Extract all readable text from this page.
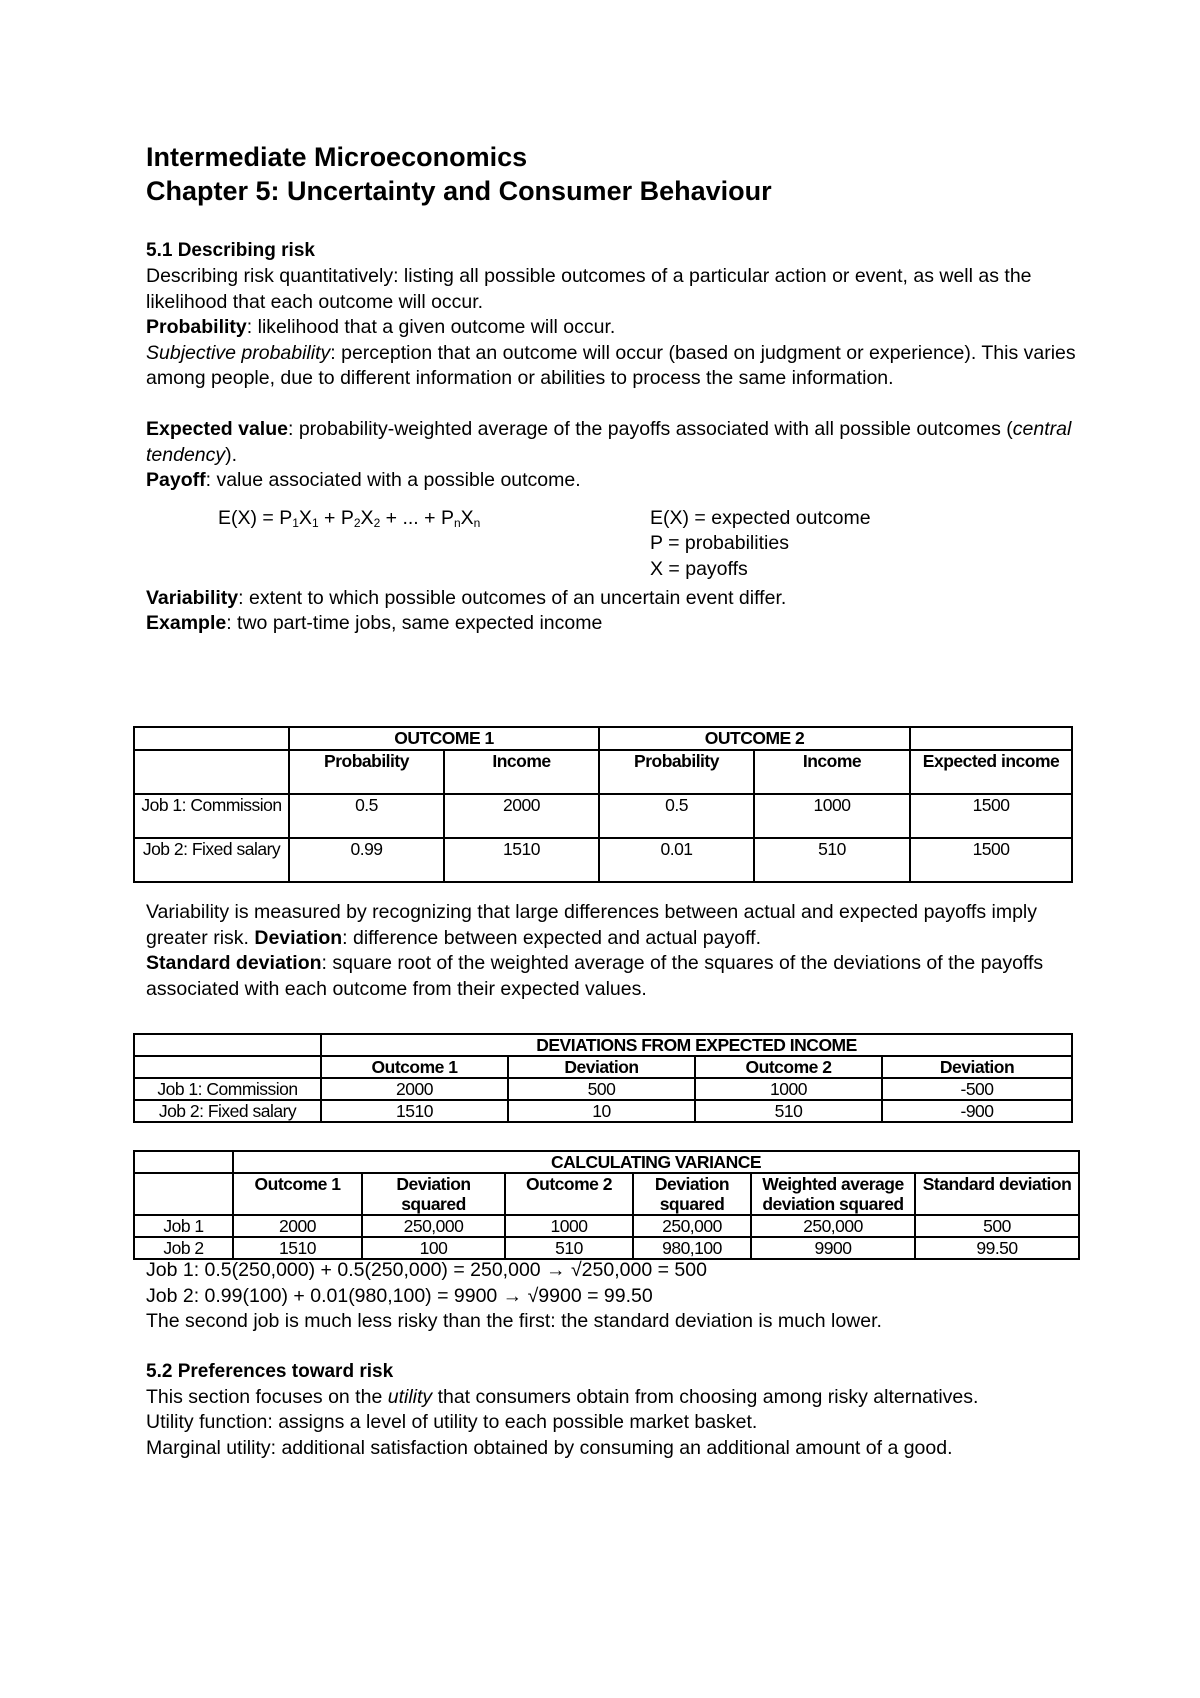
Intermediate Microeconomics
Chapter 5: Uncertainty and Consumer Behaviour
5.1 Describing risk

Describing risk quantitatively: listing all possible outcomes of a particular action or event, as well as the likelihood that each outcome will occur.

Probability: likelihood that a given outcome will occur.

Subjective probability: perception that an outcome will occur (based on judgment or experience). This varies among people, due to different information or abilities to process the same information.

Expected value: probability-weighted average of the payoffs associated with all possible outcomes (central tendency).

Payoff: value associated with a possible outcome.

$E(X) = P_1X_1 + P_2X_2$ + ... + $P_nX_n$	E(X) = expected outcome
P = probabilities
X = payoffs

Variability: extent to which possible outcomes of an uncertain event differ.

Example: two part-time jobs, same expected income

	OUTCOME 1		OUTCOME 2		
	Probability	Income	Probability	Income	Expected income
Job 1: Commission	0.5	2000	0.5	1000	1500
Job 2: Fixed salary	0.99	1510	0.01	510	1500

Variability is measured by recognizing that large differences between actual and expected payoffs imply greater risk. Deviation: difference between expected and actual payoff.

Standard deviation: square root of the weighted average of the squares of the deviations of the payoffs associated with each outcome from their expected values.

	DEVIATIONS FROM EXPECTED INCOME			
	Outcome 1	Deviation	Outcome 2	Deviation
Job 1: Commission	2000	500	1000	-500
Job 2: Fixed salary	1510	10	510	-900
	CALCULATING VARIANCE					
	Outcome 1	Deviation squared	Outcome 2	Deviation squared	Weighted average deviation squared	Standard deviation
Job 1	2000	250,000	1000	250,000	250,000	500
Job 2	1510	100	510	980,100	9900	99.50

Job 1: 0.5(250,000) + 0.5(250,000) = 250,000 → √250,000 = 500

Job 2: 0.99(100) + 0.01(980,100) = 9900 → √9900 = 99.50

The second job is much less risky than the first: the standard deviation is much lower.

5.2 Preferences toward risk

This section focuses on the utility that consumers obtain from choosing among risky alternatives.

Utility function: assigns a level of utility to each possible market basket.

Marginal utility: additional satisfaction obtained by consuming an additional amount of a good.
